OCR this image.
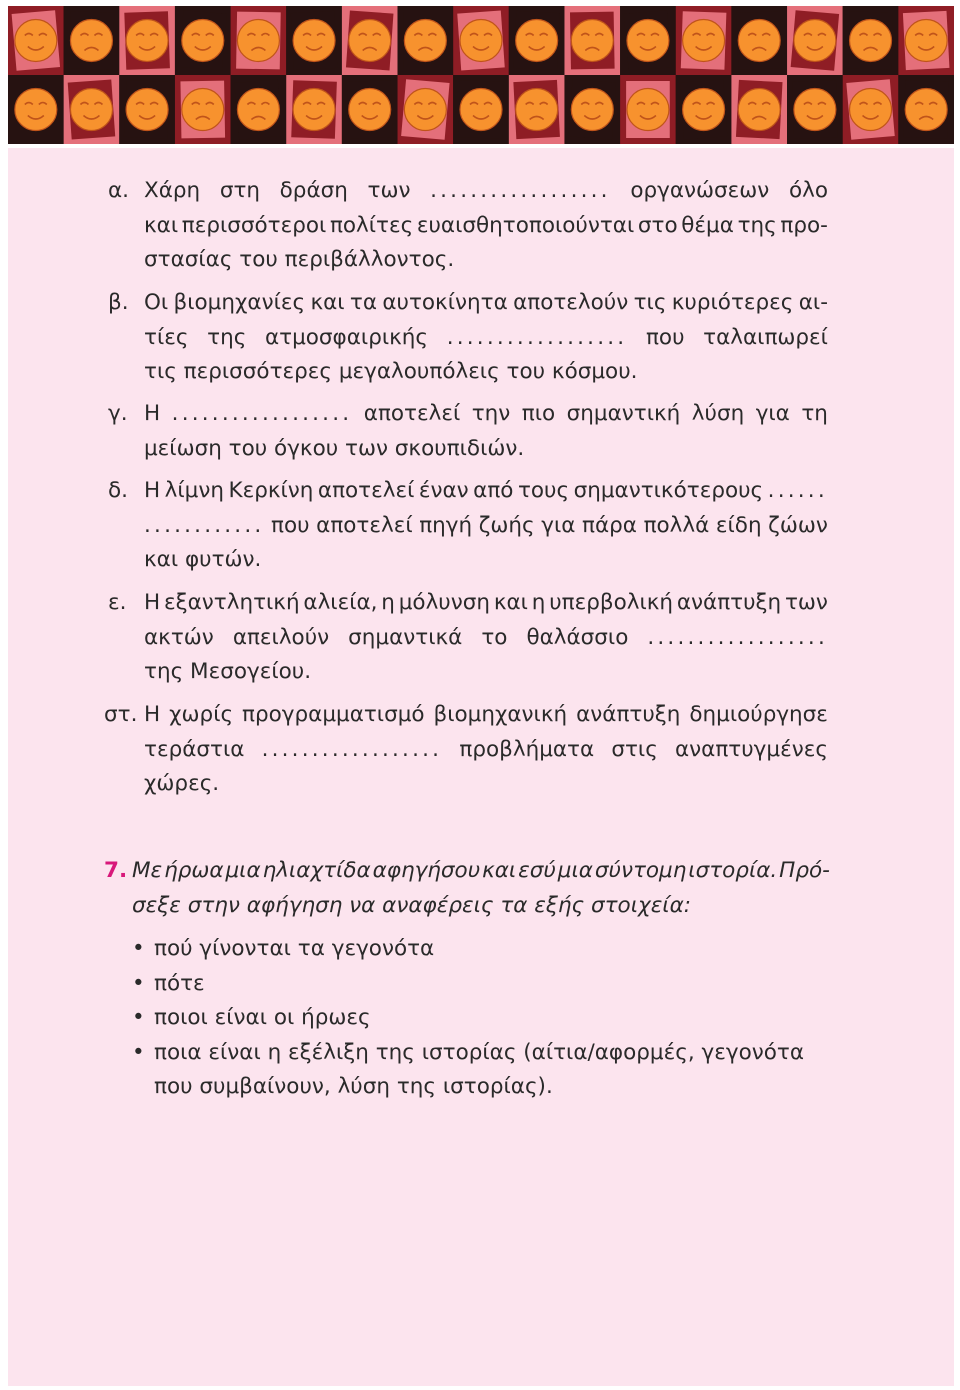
α. Χάρη στη δράση των .................. οργανώσεων όλο
και περισσότεροι πολίτες ευαισθητοποιούνται στο θέμα της προ-
στασίας του περιβάλλοντος.
β. Οι βιομηχανίες και τα αυτοκίνητα αποτελούν τις κυριότερες αι-
τίες της ατμοσφαιρικής .................. που ταλαιπωρεί
τις περισσότερες μεγαλουπόλεις του κόσμου.
γ. Η .................. αποτελεί την πιο σημαντική λύση για τη
μείωση του όγκου των σκουπιδιών.
δ. Η λίμνη Κερκίνη αποτελεί έναν από τους σημαντικότερους ......
............ που αποτελεί πηγή ζωής για πάρα πολλά είδη ζώων
και φυτών.
ε. Η εξαντλητική αλιεία, η μόλυνση και η υπερβολική ανάπτυξη των
ακτών απειλούν σημαντικά το θαλάσσιο ..................
της Μεσογείου.
στ. Η χωρίς προγραμματισμό βιομηχανική ανάπτυξη δημιούργησε
τεράστια .................. προβλήματα στις αναπτυγμένες
χώρες.
7. Με ήρωα μια ηλιαχτίδα αφηγήσου και εσύ μια σύντομη ιστορία. Πρό-
σεξε στην αφήγηση να αναφέρεις τα εξής στοιχεία:
• πού γίνονται τα γεγονότα
• πότε
• ποιοι είναι οι ήρωες
• ποια είναι η εξέλιξη της ιστορίας (αίτια/αφορμές, γεγονότα που συμβαίνουν, λύση της ιστορίας).
